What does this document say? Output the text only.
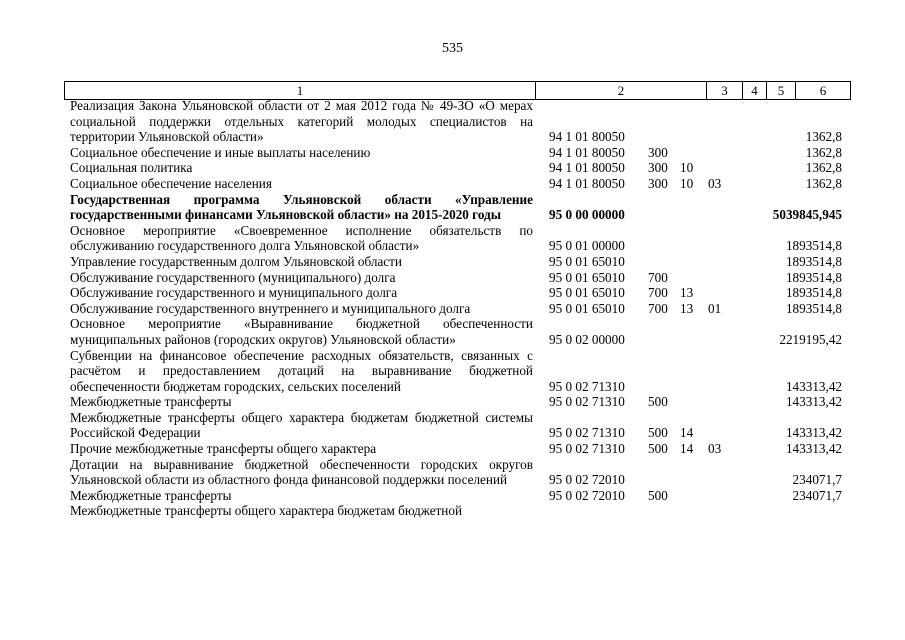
535
1	2	3	4	5	6
Реализация Закона Ульяновской области от 2 мая 2012 года № 49-ЗО «О мерах социальной поддержки отдельных категорий молодых специалистов на территории Ульяновской области»	94 1 01 80050	1362,8
Социальное обеспечение и иные выплаты населению	94 1 01 80050 300	1362,8
Социальная политика	94 1 01 80050 300 10	1362,8
Социальное обеспечение населения	94 1 01 80050 300 10 03	1362,8
Государственная программа Ульяновской области «Управление государственными финансами Ульяновской области» на 2015-2020 годы	95 0 00 00000	5039845,945
Основное мероприятие «Своевременное исполнение обязательств по обслуживанию государственного долга Ульяновской области»	95 0 01 00000	1893514,8
Управление государственным долгом Ульяновской области	95 0 01 65010	1893514,8
Обслуживание государственного (муниципального) долга	95 0 01 65010 700	1893514,8
Обслуживание государственного и муниципального долга	95 0 01 65010 700 13	1893514,8
Обслуживание государственного внутреннего и муниципального долга	95 0 01 65010 700 13 01	1893514,8
Основное мероприятие «Выравнивание бюджетной обеспеченности муниципальных районов (городских округов) Ульяновской области»	95 0 02 00000	2219195,42
Субвенции на финансовое обеспечение расходных обязательств, связанных с расчётом и предоставлением дотаций на выравнивание бюджетной обеспеченности бюджетам городских, сельских поселений	95 0 02 71310	143313,42
Межбюджетные трансферты	95 0 02 71310 500	143313,42
Межбюджетные трансферты общего характера бюджетам бюджетной системы Российской Федерации	95 0 02 71310 500 14	143313,42
Прочие межбюджетные трансферты общего характера	95 0 02 71310 500 14 03	143313,42
Дотации на выравнивание бюджетной обеспеченности городских округов Ульяновской области из областного фонда финансовой поддержки поселений	95 0 02 72010	234071,7
Межбюджетные трансферты	95 0 02 72010 500	234071,7
Межбюджетные трансферты общего характера бюджетам бюджетной
